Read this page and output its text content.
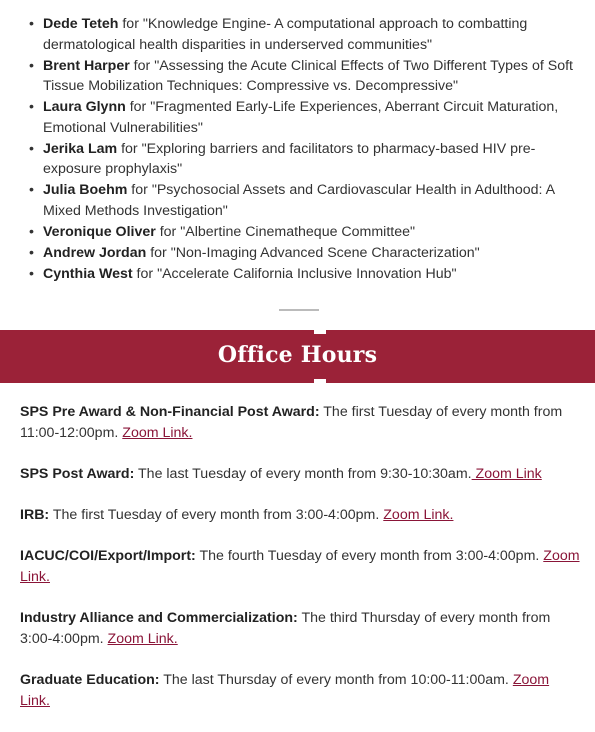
• Dede Teteh for "Knowledge Engine- A computational approach to combatting dermatological health disparities in underserved communities"
• Brent Harper for "Assessing the Acute Clinical Effects of Two Different Types of Soft Tissue Mobilization Techniques: Compressive vs. Decompressive"
• Laura Glynn for "Fragmented Early-Life Experiences, Aberrant Circuit Maturation, Emotional Vulnerabilities"
• Jerika Lam for "Exploring barriers and facilitators to pharmacy-based HIV pre-exposure prophylaxis"
• Julia Boehm for "Psychosocial Assets and Cardiovascular Health in Adulthood: A Mixed Methods Investigation"
• Veronique Oliver for "Albertine Cinematheque Committee"
• Andrew Jordan for "Non-Imaging Advanced Scene Characterization"
• Cynthia West for "Accelerate California Inclusive Innovation Hub"
Office Hours

SPS Pre Award & Non-Financial Post Award: The first Tuesday of every month from 11:00-12:00pm. Zoom Link.

SPS Post Award: The last Tuesday of every month from 9:30-10:30am. Zoom Link

IRB: The first Tuesday of every month from 3:00-4:00pm. Zoom Link.

IACUC/COI/Export/Import: The fourth Tuesday of every month from 3:00-4:00pm. Zoom Link.

Industry Alliance and Commercialization: The third Thursday of every month from 3:00-4:00pm. Zoom Link.

Graduate Education: The last Thursday of every month from 10:00-11:00am. Zoom Link.
